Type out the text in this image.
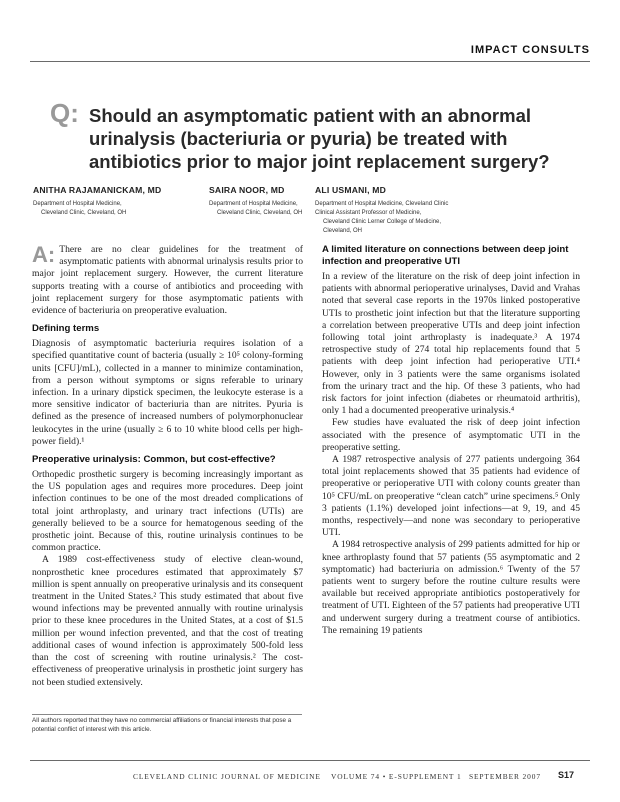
IMPACT CONSULTS
Q: Should an asymptomatic patient with an abnormal urinalysis (bacteriuria or pyuria) be treated with antibiotics prior to major joint replacement surgery?
ANITHA RAJAMANICKAM, MD
Department of Hospital Medicine,
Cleveland Clinic, Cleveland, OH
SAIRA NOOR, MD
Department of Hospital Medicine,
Cleveland Clinic, Cleveland, OH
ALI USMANI, MD
Department of Hospital Medicine, Cleveland Clinic
Clinical Assistant Professor of Medicine,
Cleveland Clinic Lerner College of Medicine,
Cleveland, OH

A: There are no clear guidelines for the treatment of asymptomatic patients with abnormal urinalysis results prior to major joint replacement surgery. However, the current literature supports treating with a course of antibiotics and proceeding with joint replacement surgery for those asymptomatic patients with evidence of bacteriuria on preoperative evaluation.

Defining terms

Diagnosis of asymptomatic bacteriuria requires isolation of a specified quantitative count of bacteria (usually ≥ 10⁵ colony-forming units [CFU]/mL), collected in a manner to minimize contamination, from a person without symptoms or signs referable to urinary infection. In a urinary dipstick specimen, the leukocyte esterase is a more sensitive indicator of bacteriuria than are nitrites. Pyuria is defined as the presence of increased numbers of polymorphonuclear leukocytes in the urine (usually ≥ 6 to 10 white blood cells per high-power field).¹

Preoperative urinalysis: Common, but cost-effective?

Orthopedic prosthetic surgery is becoming increasingly important as the US population ages and requires more procedures. Deep joint infection continues to be one of the most dreaded complications of total joint arthroplasty, and urinary tract infections (UTIs) are generally believed to be a source for hematogenous seeding of the prosthetic joint. Because of this, routine urinalysis continues to be common practice.

A 1989 cost-effectiveness study of elective clean-wound, nonprosthetic knee procedures estimated that approximately $7 million is spent annually on preoperative urinalysis and its consequent treatment in the United States.² This study estimated that about five wound infections may be prevented annually with routine urinalysis prior to these knee procedures in the United States, at a cost of $1.5 million per wound infection prevented, and that the cost of treating additional cases of wound infection is approximately 500-fold less than the cost of screening with routine urinalysis.² The cost-effectiveness of preoperative urinalysis in prosthetic joint surgery has not been studied extensively.

A limited literature on connections between deep joint infection and preoperative UTI

In a review of the literature on the risk of deep joint infection in patients with abnormal perioperative urinalyses, David and Vrahas noted that several case reports in the 1970s linked postoperative UTIs to prosthetic joint infection but that the literature supporting a correlation between preoperative UTIs and deep joint infection following total joint arthroplasty is inadequate.³ A 1974 retrospective study of 274 total hip replacements found that 5 patients with deep joint infection had perioperative UTI.⁴ However, only in 3 patients were the same organisms isolated from the urinary tract and the hip. Of these 3 patients, who had risk factors for joint infection (diabetes or rheumatoid arthritis), only 1 had a documented preoperative urinalysis.⁴

Few studies have evaluated the risk of deep joint infection associated with the presence of asymptomatic UTI in the preoperative setting.

A 1987 retrospective analysis of 277 patients undergoing 364 total joint replacements showed that 35 patients had evidence of preoperative or perioperative UTI with colony counts greater than 10⁵ CFU/mL on preoperative “clean catch” urine specimens.⁵ Only 3 patients (1.1%) developed joint infections—at 9, 19, and 45 months, respectively—and none was secondary to perioperative UTI.

A 1984 retrospective analysis of 299 patients admitted for hip or knee arthroplasty found that 57 patients (55 asymptomatic and 2 symptomatic) had bacteriuria on admission.⁶ Twenty of the 57 patients went to surgery before the routine culture results were available but received appropriate antibiotics postoperatively for treatment of UTI. Eighteen of the 57 patients had preoperative UTI and underwent surgery during a treatment course of antibiotics. The remaining 19 patients

All authors reported that they have no commercial affiliations or financial interests that pose a potential conflict of interest with this article.

CLEVELAND CLINIC JOURNAL OF MEDICINE VOLUME 74 • E-SUPPLEMENT 1 SEPTEMBER 2007 S17
